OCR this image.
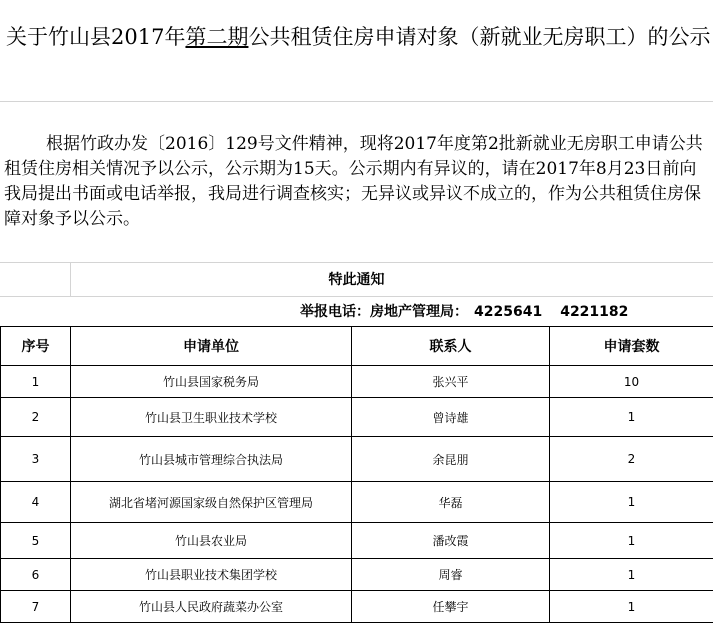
关于竹山县2017年第二期公共租赁住房申请对象（新就业无房职工）的公示
根据竹政办发〔2016〕129号文件精神，现将2017年度第2批新就业无房职工申请公共租赁住房相关情况予以公示，公示期为15天。公示期内有异议的，请在2017年8月23日前向我局提出书面或电话举报，我局进行调查核实；无异议或异议不成立的，作为公共租赁住房保障对象予以公示。
特此通知
举报电话：房地产管理局： 4225641 4221182
序号	申请单位	联系人	申请套数
1	竹山县国家税务局	张兴平	10
2	竹山县卫生职业技术学校	曾诗雄	1
3	竹山县城市管理综合执法局	余昆朋	2
4	湖北省堵河源国家级自然保护区管理局	华磊	1
5	竹山县农业局	潘改霞	1
6	竹山县职业技术集团学校	周睿	1
7	竹山县人民政府蔬菜办公室	任攀宇	1
